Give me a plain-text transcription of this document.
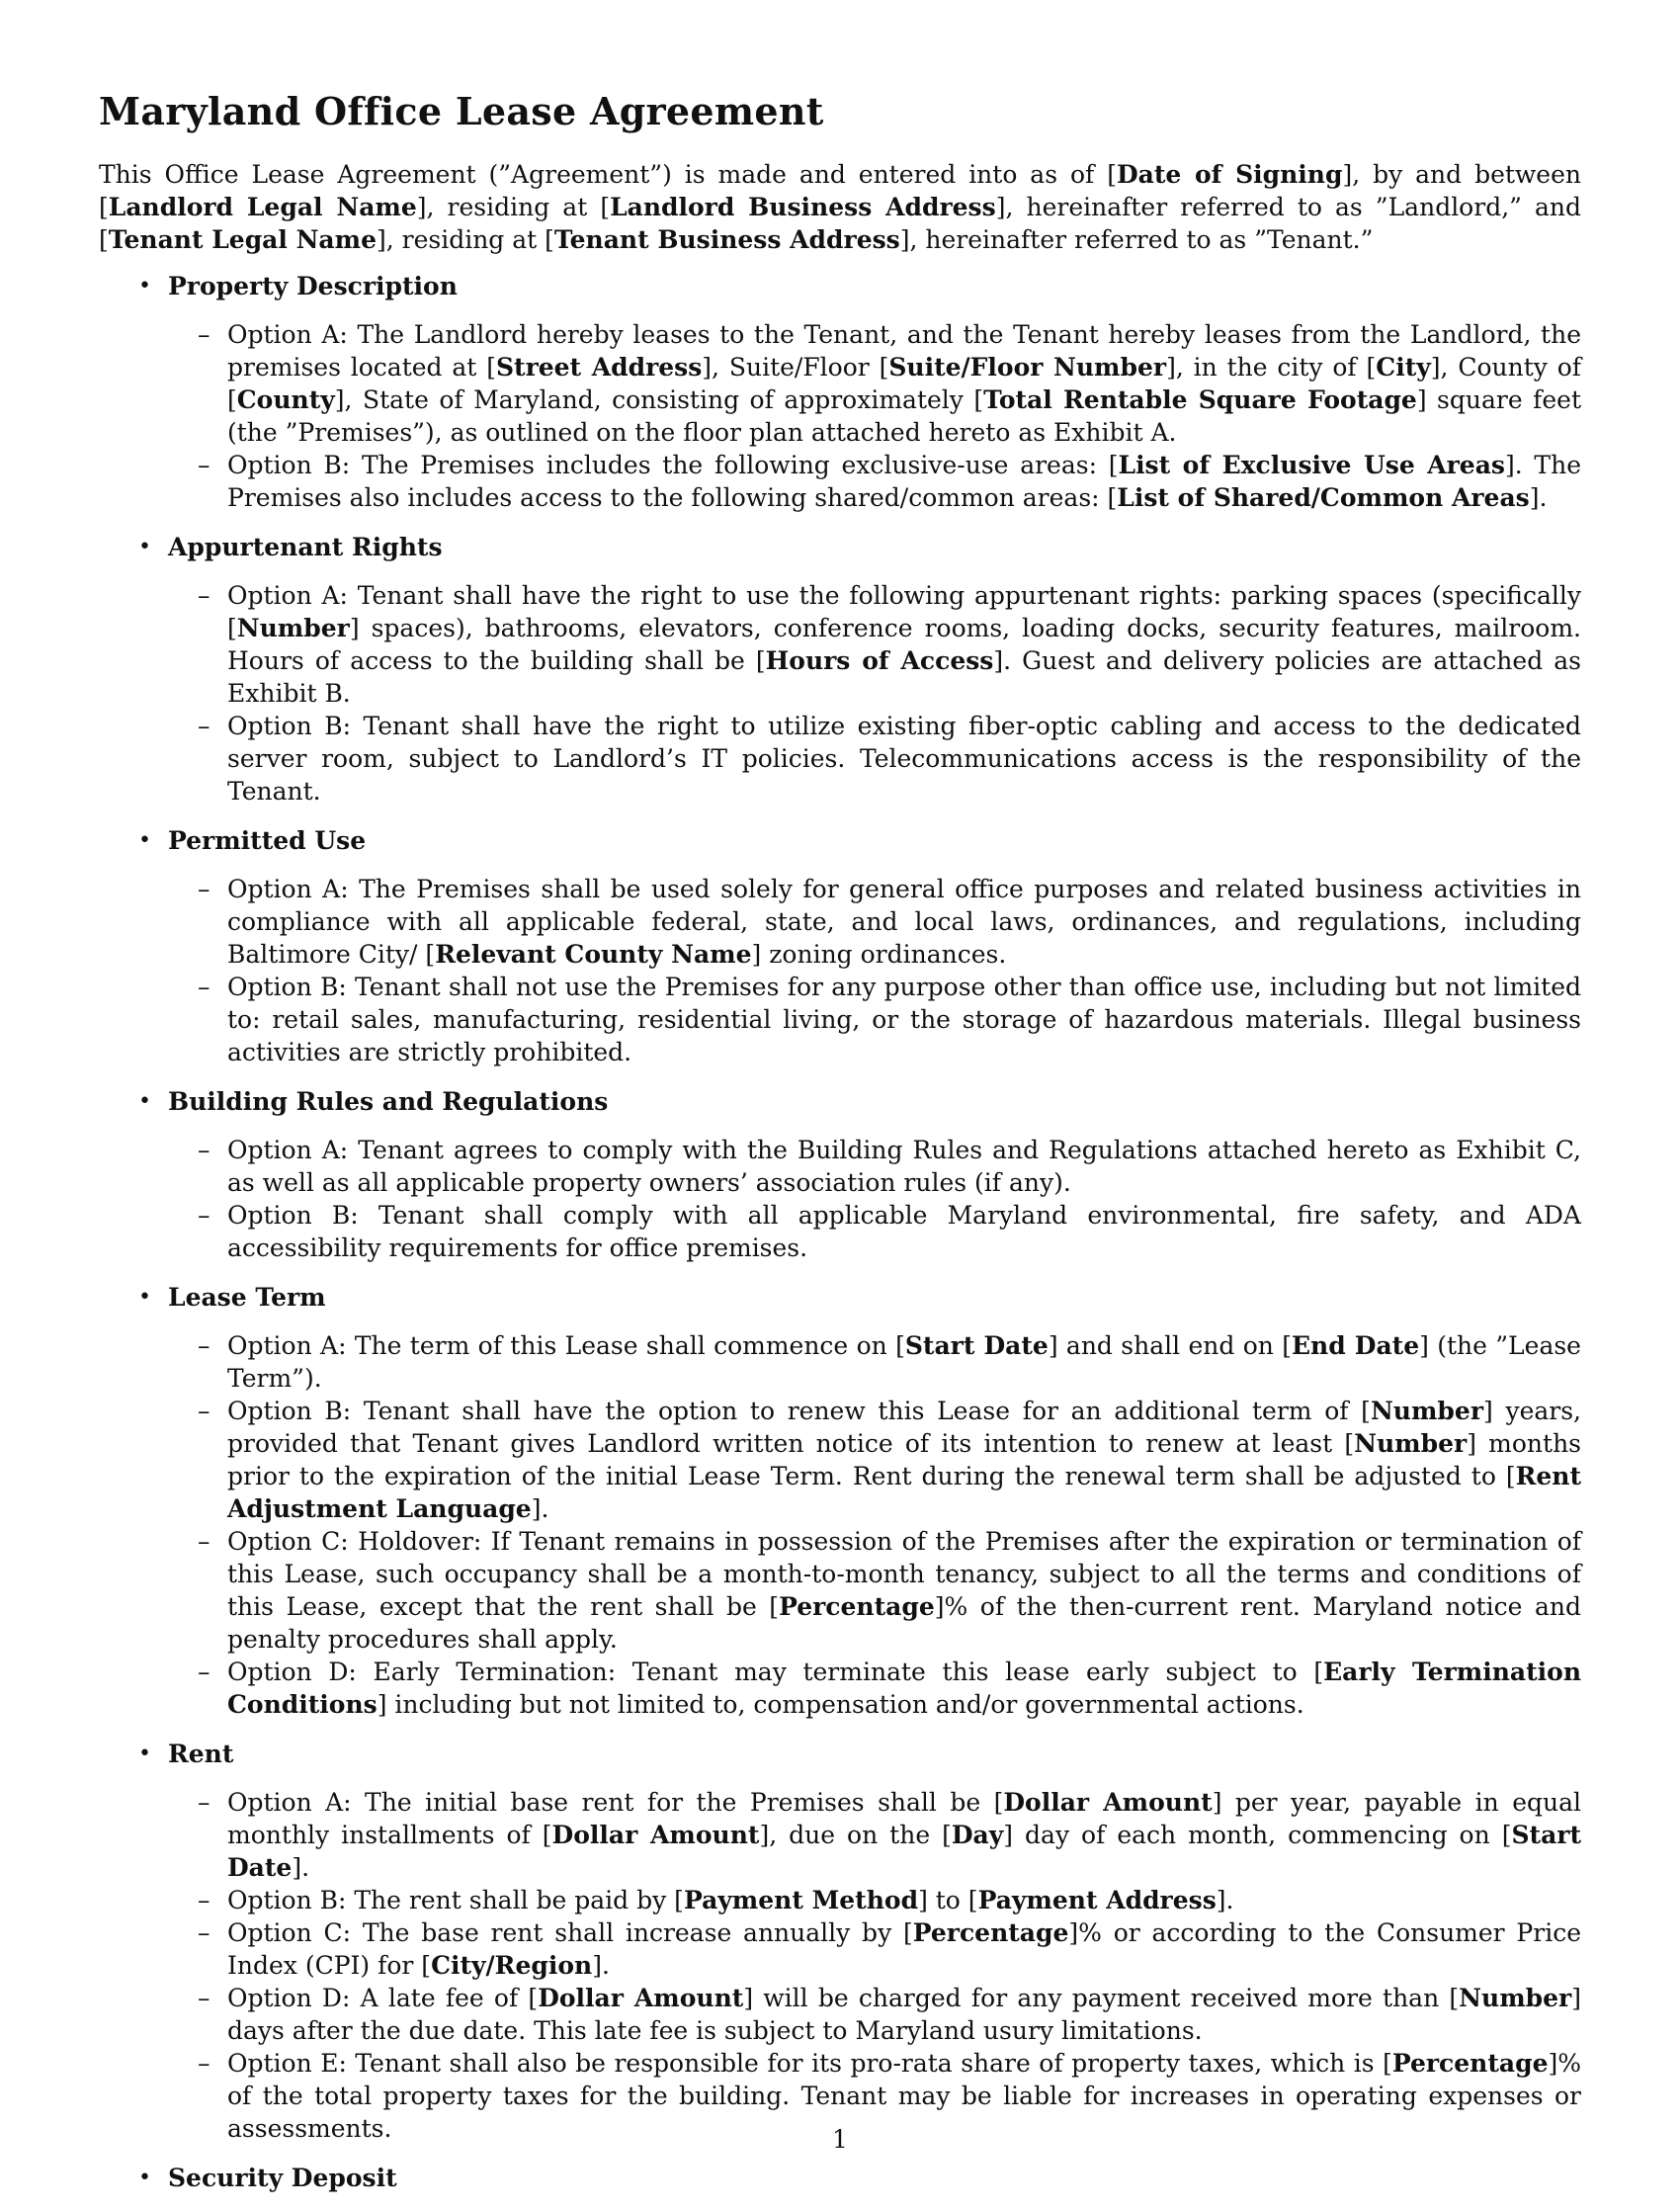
Maryland Office Lease Agreement

This Office Lease Agreement (”Agreement”) is made and entered into as of [Date of Signing], by and between [Landlord Legal Name], residing at [Landlord Business Address], hereinafter referred to as ”Landlord,” and [Tenant Legal Name], residing at [Tenant Business Address], hereinafter referred to as ”Tenant.”

• Property Description
– Option A: The Landlord hereby leases to the Tenant, and the Tenant hereby leases from the Landlord, the premises located at [Street Address], Suite/Floor [Suite/Floor Number], in the city of [City], County of [County], State of Maryland, consisting of approximately [Total Rentable Square Footage] square feet (the ”Premises”), as outlined on the floor plan attached hereto as Exhibit A.
– Option B: The Premises includes the following exclusive-use areas: [List of Exclusive Use Areas]. The Premises also includes access to the following shared/common areas: [List of Shared/Common Areas].
• Appurtenant Rights
– Option A: Tenant shall have the right to use the following appurtenant rights: parking spaces (specifically [Number] spaces), bathrooms, elevators, conference rooms, loading docks, security features, mailroom. Hours of access to the building shall be [Hours of Access]. Guest and delivery policies are attached as Exhibit B.
– Option B: Tenant shall have the right to utilize existing fiber-optic cabling and access to the dedicated server room, subject to Landlord’s IT policies. Telecommunications access is the responsibility of the Tenant.
• Permitted Use
– Option A: The Premises shall be used solely for general office purposes and related business activities in compliance with all applicable federal, state, and local laws, ordinances, and regulations, including Baltimore City/ [Relevant County Name] zoning ordinances.
– Option B: Tenant shall not use the Premises for any purpose other than office use, including but not limited to: retail sales, manufacturing, residential living, or the storage of hazardous materials. Illegal business activities are strictly prohibited.
• Building Rules and Regulations
– Option A: Tenant agrees to comply with the Building Rules and Regulations attached hereto as Exhibit C, as well as all applicable property owners’ association rules (if any).
– Option B: Tenant shall comply with all applicable Maryland environmental, fire safety, and ADA accessibility requirements for office premises.
• Lease Term
– Option A: The term of this Lease shall commence on [Start Date] and shall end on [End Date] (the ”Lease Term”).
– Option B: Tenant shall have the option to renew this Lease for an additional term of [Number] years, provided that Tenant gives Landlord written notice of its intention to renew at least [Number] months prior to the expiration of the initial Lease Term. Rent during the renewal term shall be adjusted to [Rent Adjustment Language].
– Option C: Holdover: If Tenant remains in possession of the Premises after the expiration or termination of this Lease, such occupancy shall be a month-to-month tenancy, subject to all the terms and conditions of this Lease, except that the rent shall be [Percentage]% of the then-current rent. Maryland notice and penalty procedures shall apply.
– Option D: Early Termination: Tenant may terminate this lease early subject to [Early Termination Conditions] including but not limited to, compensation and/or governmental actions.
• Rent
– Option A: The initial base rent for the Premises shall be [Dollar Amount] per year, payable in equal monthly installments of [Dollar Amount], due on the [Day] day of each month, commencing on [Start Date].
– Option B: The rent shall be paid by [Payment Method] to [Payment Address].
– Option C: The base rent shall increase annually by [Percentage]% or according to the Consumer Price Index (CPI) for [City/Region].
– Option D: A late fee of [Dollar Amount] will be charged for any payment received more than [Number] days after the due date. This late fee is subject to Maryland usury limitations.
– Option E: Tenant shall also be responsible for its pro-rata share of property taxes, which is [Percentage]% of the total property taxes for the building. Tenant may be liable for increases in operating expenses or assessments.
• Security Deposit
1
